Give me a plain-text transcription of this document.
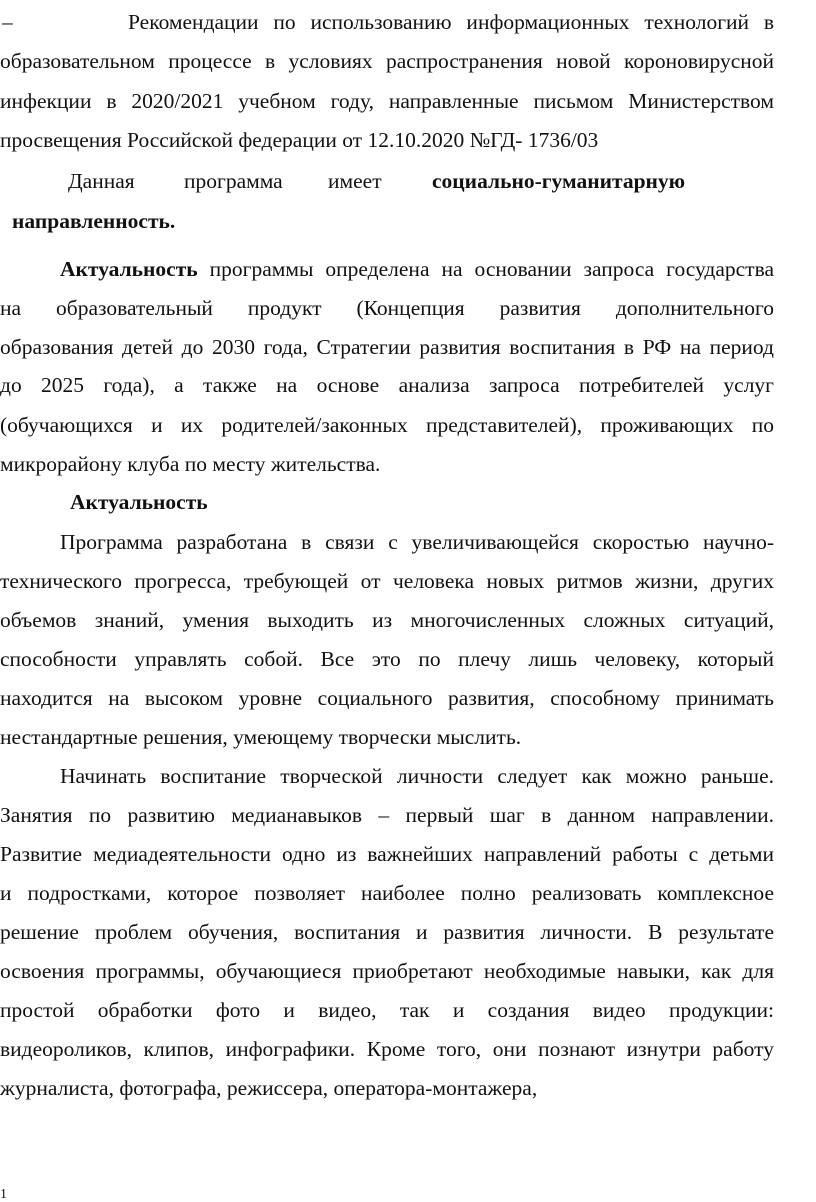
–	Рекомендации по использованию информационных технологий в
образовательном процессе в условиях распространения новой короновирусной
инфекции в 2020/2021 учебном году, направленные письмом Министерством
просвещения Российской федерации от 12.10.2020 №ГД- 1736/03
Данная программа имеет социально-гуманитарную
направленность.
Актуальность программы определена на основании запроса государства
на образовательный продукт (Концепция развития дополнительного
образования детей до 2030 года, Стратегии развития воспитания в РФ на период
до 2025 года), а также на основе анализа запроса потребителей услуг
(обучающихся и их родителей/законных представителей), проживающих по
микрорайону клуба по месту жительства.
Актуальность
Программа разработана в связи с увеличивающейся скоростью научно-
технического прогресса, требующей от человека новых ритмов жизни, других
объемов знаний, умения выходить из многочисленных сложных ситуаций,
способности управлять собой. Все это по плечу лишь человеку, который
находится на высоком уровне социального развития, способному принимать
нестандартные решения, умеющему творчески мыслить.
Начинать воспитание творческой личности следует как можно раньше.
Занятия по развитию медианавыков – первый шаг в данном направлении.
Развитие медиадеятельности одно из важнейших направлений работы с детьми
и подростками, которое позволяет наиболее полно реализовать комплексное
решение проблем обучения, воспитания и развития личности. В результате
освоения программы, обучающиеся приобретают необходимые навыки, как для
простой обработки фото и видео, так и создания видео продукции:
видеороликов, клипов, инфографики. Кроме того, они познают изнутри работу
журналиста, фотографа, режиссера, оператора-монтажера,
1
